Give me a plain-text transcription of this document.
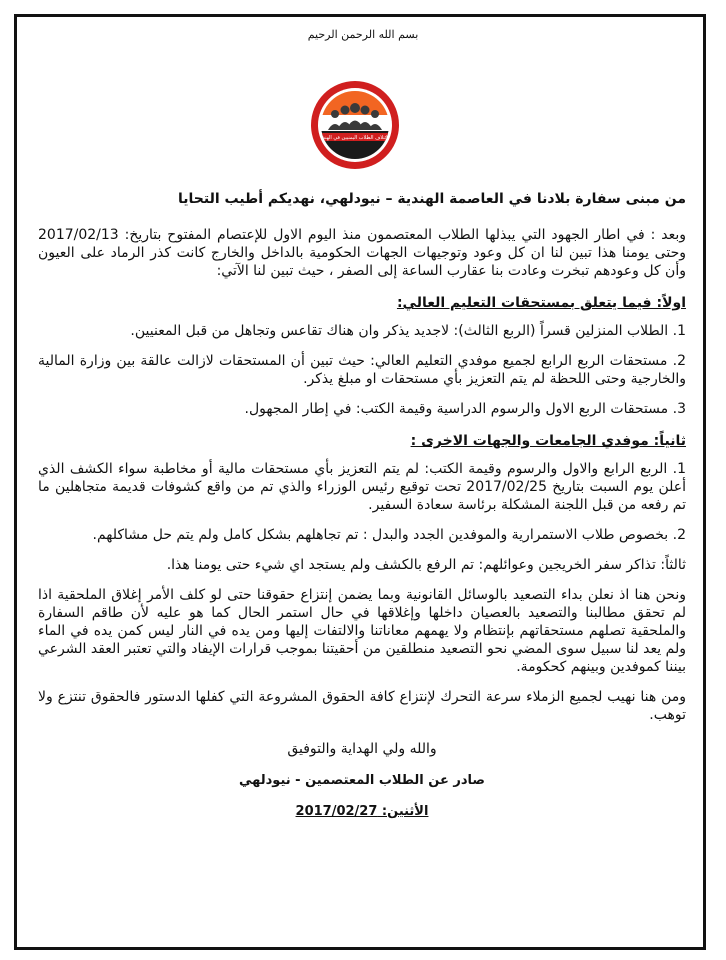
بسم الله الرحمن الرحيم
ائتلاف الطلاب اليمنيين في الهند

من مبنى سفارة بلادنا في العاصمة الهندية – نيودلهي، نهديكم أطيب التحايا

وبعد : في اطار الجهود التي يبذلها الطلاب المعتصمون منذ اليوم الاول للإعتصام المفتوح بتاريخ: 2017/02/13 وحتى يومنا هذا تبين لنا ان كل وعود وتوجيهات الجهات الحكومية بالداخل والخارج كانت كذر الرماد على العيون وأن كل وعودهم تبخرت وعادت بنا عقارب الساعة إلى الصفر ، حيث تبين لنا الآتي:

اولاً: فيما يتعلق بمستحقات التعليم العالي:

1. الطلاب المنزلين قسراً (الربع الثالث): لاجديد يذكر وان هناك تقاعس وتجاهل من قبل المعنيين.

2. مستحقات الربع الرابع لجميع موفدي التعليم العالي: حيث تبين أن المستحقات لازالت عالقة بين وزارة المالية والخارجية وحتى اللحظة لم يتم التعزيز بأي مستحقات او مبلغ يذكر.

3. مستحقات الربع الاول والرسوم الدراسية وقيمة الكتب: في إطار المجهول.

ثانياً: موفدي الجامعات والجهات الاخرى :

1. الربع الرابع والاول والرسوم وقيمة الكتب: لم يتم التعزيز بأي مستحقات مالية أو مخاطبة سواء الكشف الذي أعلن يوم السبت بتاريخ 2017/02/25 تحت توقيع رئيس الوزراء والذي تم من واقع كشوفات قديمة متجاهلين ما تم رفعه من قبل اللجنة المشكلة برئاسة سعادة السفير.

2. بخصوص طلاب الاستمرارية والموفدين الجدد والبدل : تم تجاهلهم بشكل كامل ولم يتم حل مشاكلهم.

ثالثاً: تذاكر سفر الخريجين وعوائلهم: تم الرفع بالكشف ولم يستجد اي شيء حتى يومنا هذا.

ونحن هنا اذ نعلن بداء التصعيد بالوسائل القانونية وبما يضمن إنتزاع حقوقنا حتى لو كلف الأمر إغلاق الملحقية اذا لم تحقق مطالبنا والتصعيد بالعصيان داخلها وإغلاقها في حال استمر الحال كما هو عليه لأن طاقم السفارة والملحقية تصلهم مستحقاتهم بإنتظام ولا يهمهم معاناتنا والالتفات إليها ومن يده في النار ليس كمن يده في الماء ولم يعد لنا سبيل سوى المضي نحو التصعيد منطلقين من أحقيتنا بموجب قرارات الإيفاد والتي تعتبر العقد الشرعي بيننا كموفدين وبينهم كحكومة.

ومن هنا نهيب لجميع الزملاء سرعة التحرك لإنتزاع كافة الحقوق المشروعة التي كفلها الدستور فالحقوق تنتزع ولا توهب.

والله ولي الهداية والتوفيق

صادر عن الطلاب المعتصمين - نيودلهي

الأثنين: 2017/02/27
